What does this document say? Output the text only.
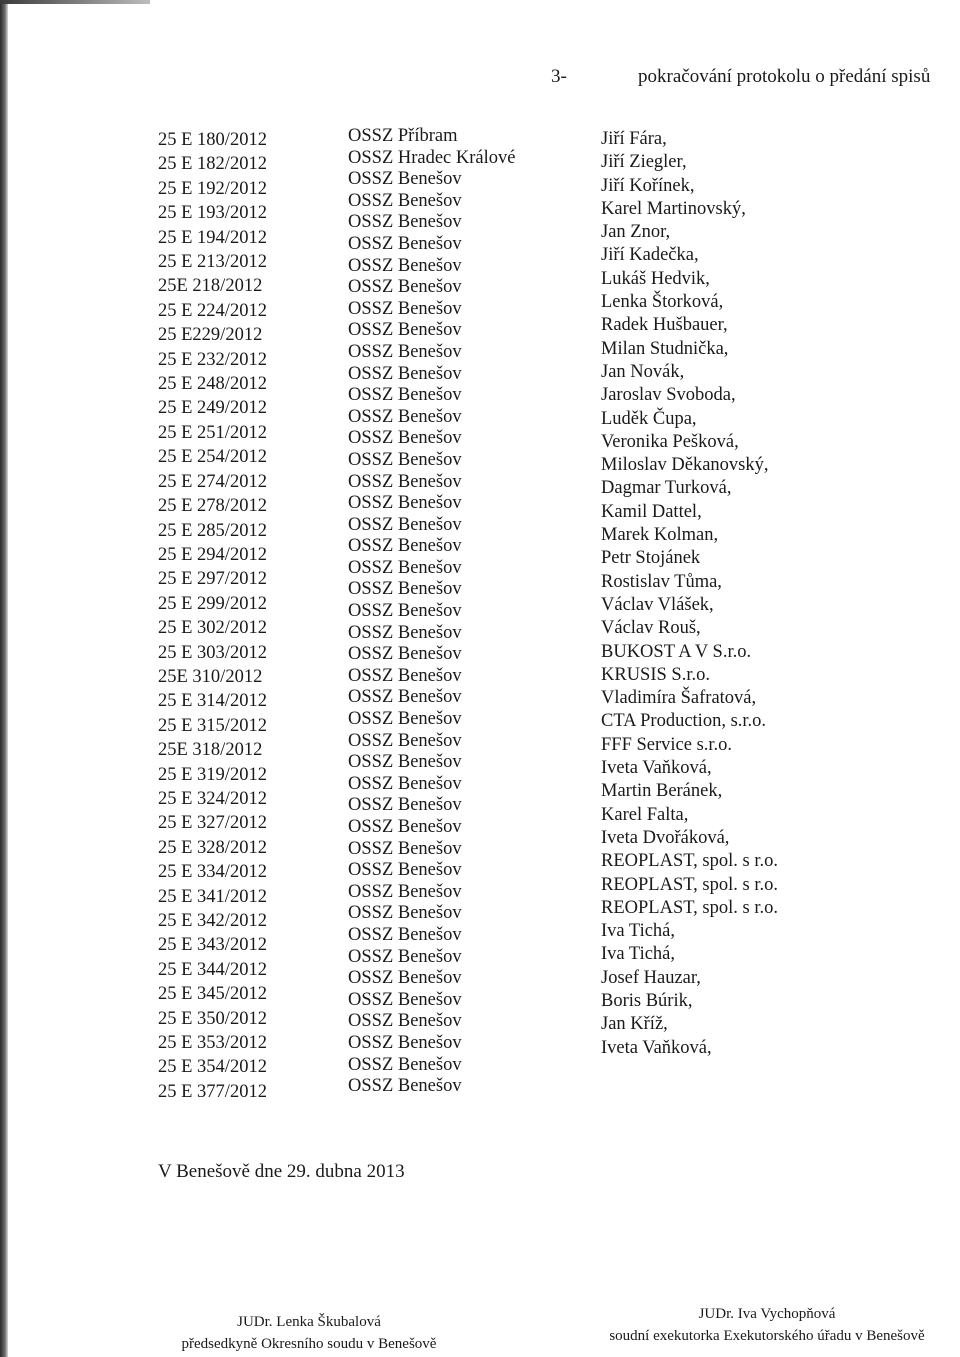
3-	pokračování protokolu o předání spisů
25 E 180/2012
25 E 182/2012
25 E 192/2012
25 E 193/2012
25 E 194/2012
25 E 213/2012
25E 218/2012
25 E 224/2012
25 E229/2012
25 E 232/2012
25 E 248/2012
25 E 249/2012
25 E 251/2012
25 E 254/2012
25 E 274/2012
25 E 278/2012
25 E 285/2012
25 E 294/2012
25 E 297/2012
25 E 299/2012
25 E 302/2012
25 E 303/2012
25E 310/2012
25 E 314/2012
25 E 315/2012
25E 318/2012
25 E 319/2012
25 E 324/2012
25 E 327/2012
25 E 328/2012
25 E 334/2012
25 E 341/2012
25 E 342/2012
25 E 343/2012
25 E 344/2012
25 E 345/2012
25 E 350/2012
25 E 353/2012
25 E 354/2012
25 E 377/2012
OSSZ Příbram
OSSZ Hradec Králové
OSSZ Benešov
OSSZ Benešov
OSSZ Benešov
OSSZ Benešov
OSSZ Benešov
OSSZ Benešov
OSSZ Benešov
OSSZ Benešov
OSSZ Benešov
OSSZ Benešov
OSSZ Benešov
OSSZ Benešov
OSSZ Benešov
OSSZ Benešov
OSSZ Benešov
OSSZ Benešov
OSSZ Benešov
OSSZ Benešov
OSSZ Benešov
OSSZ Benešov
OSSZ Benešov
OSSZ Benešov
OSSZ Benešov
OSSZ Benešov
OSSZ Benešov
OSSZ Benešov
OSSZ Benešov
OSSZ Benešov
OSSZ Benešov
OSSZ Benešov
OSSZ Benešov
OSSZ Benešov
OSSZ Benešov
OSSZ Benešov
OSSZ Benešov
OSSZ Benešov
OSSZ Benešov
OSSZ Benešov
OSSZ Benešov
OSSZ Benešov
OSSZ Benešov
OSSZ Benešov
OSSZ Benešov
Jiří Fára,
Jiří Ziegler,
Jiří Kořínek,
Karel Martinovský,
Jan Znor,
Jiří Kadečka,
Lukáš Hedvik,
Lenka Štorková,
Radek Hušbauer,
Milan Studnička,
Jan Novák,
Jaroslav Svoboda,
Luděk Čupa,
Veronika Pešková,
Miloslav Děkanovský,
Dagmar Turková,
Kamil Dattel,
Marek Kolman,
Petr Stojánek
Rostislav Tůma,
Václav Vlášek,
Václav Rouš,
BUKOST A V S.r.o.
KRUSIS S.r.o.
Vladimíra Šafratová,
CTA Production, s.r.o.
FFF Service s.r.o.
Iveta Vaňková,
Martin Beránek,
Karel Falta,
Iveta Dvořáková,
REOPLAST, spol. s r.o.
REOPLAST, spol. s r.o.
REOPLAST, spol. s r.o.
Iva Tichá,
Iva Tichá,
Josef Hauzar,
Boris Búrik,
Jan Kříž,
Iveta Vaňková,
V Benešově dne 29. dubna 2013
JUDr. Lenka Škubalová
předsedkyně Okresního soudu v Benešově
JUDr. Iva Vychopňová
soudní exekutorka Exekutorského úřadu v Benešově
